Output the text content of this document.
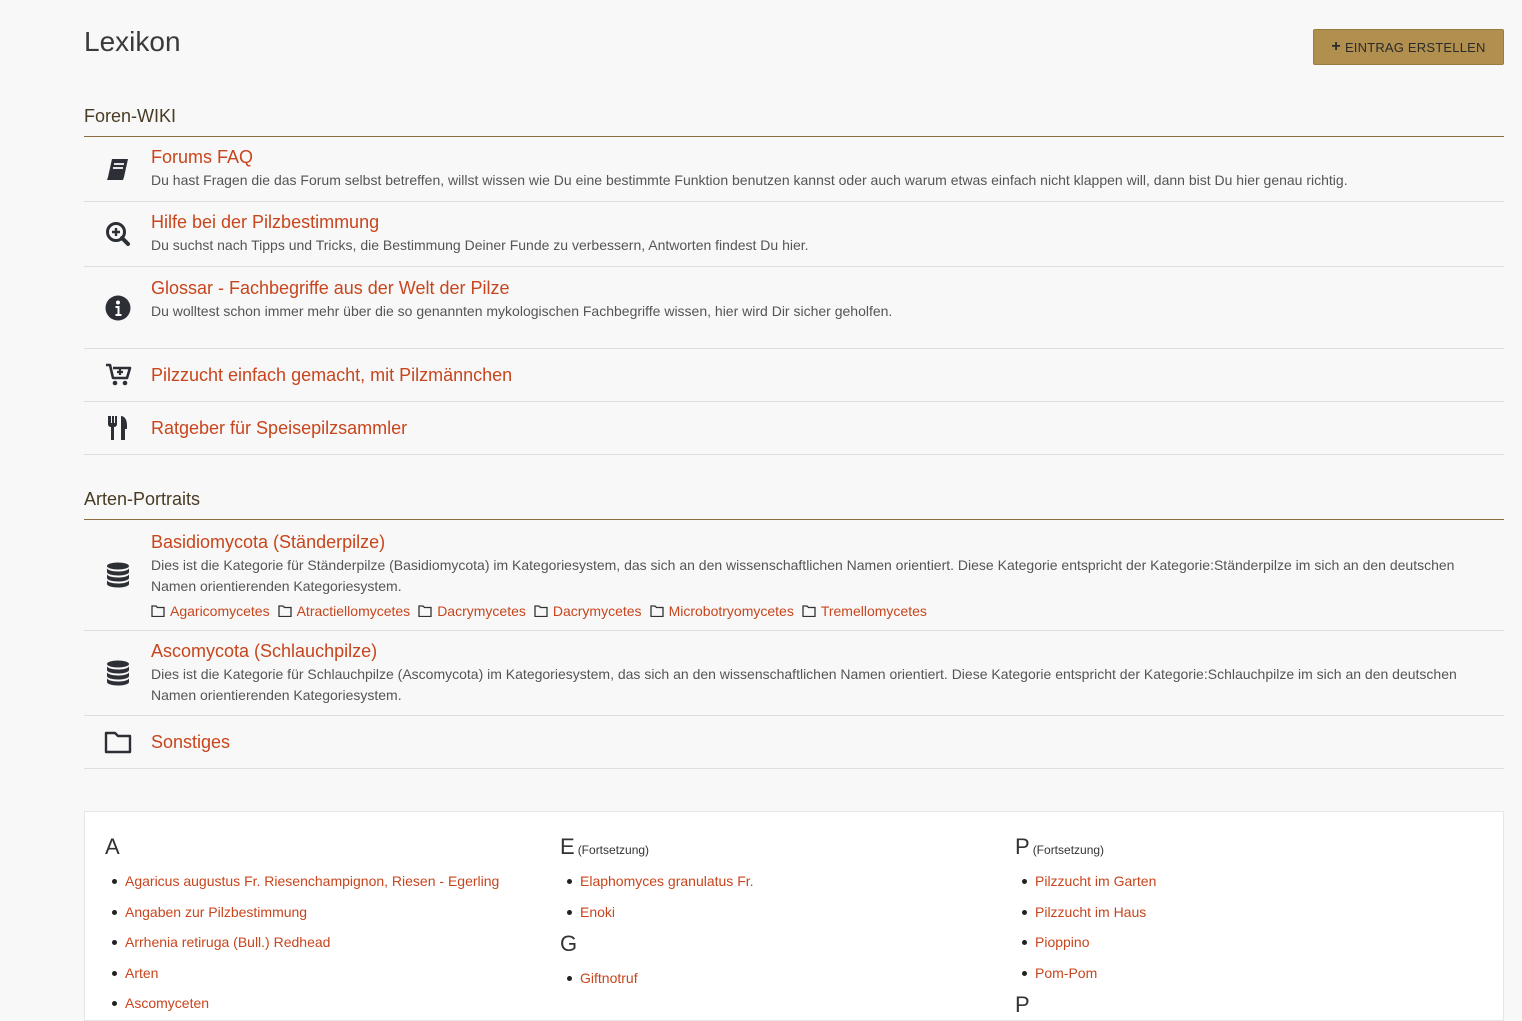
Lexikon	+ EINTRAG ERSTELLEN
Foren-WIKI
Forums FAQ
Du hast Fragen die das Forum selbst betreffen, willst wissen wie Du eine bestimmte Funktion benutzen kannst oder auch warum etwas einfach nicht klappen will, dann bist Du hier genau richtig.
Hilfe bei der Pilzbestimmung
Du suchst nach Tipps und Tricks, die Bestimmung Deiner Funde zu verbessern, Antworten findest Du hier.
Glossar - Fachbegriffe aus der Welt der Pilze
Du wolltest schon immer mehr über die so genannten mykologischen Fachbegriffe wissen, hier wird Dir sicher geholfen.
Pilzzucht einfach gemacht, mit Pilzmännchen
Ratgeber für Speisepilzsammler
Arten-Portraits
Basidiomycota (Ständerpilze)
Dies ist die Kategorie für Ständerpilze (Basidiomycota) im Kategoriesystem, das sich an den wissenschaftlichen Namen orientiert. Diese Kategorie entspricht der Kategorie:Ständerpilze im sich an den deutschen Namen orientierenden Kategoriesystem.
Agaricomycetes Atractiellomycetes Dacrymycetes Dacrymycetes Microbotryomycetes Tremellomycetes
Ascomycota (Schlauchpilze)
Dies ist die Kategorie für Schlauchpilze (Ascomycota) im Kategoriesystem, das sich an den wissenschaftlichen Namen orientiert. Diese Kategorie entspricht der Kategorie:Schlauchpilze im sich an den deutschen Namen orientierenden Kategoriesystem.
Sonstiges
A
Agaricus augustus Fr. Riesenchampignon, Riesen - Egerling
Angaben zur Pilzbestimmung
Arrhenia retiruga (Bull.) Redhead
Arten
Ascomyceten
E (Fortsetzung)
Elaphomyces granulatus Fr.
Enoki
G
Giftnotruf
P (Fortsetzung)
Pilzzucht im Garten
Pilzzucht im Haus
Pioppino
Pom-Pom
P
